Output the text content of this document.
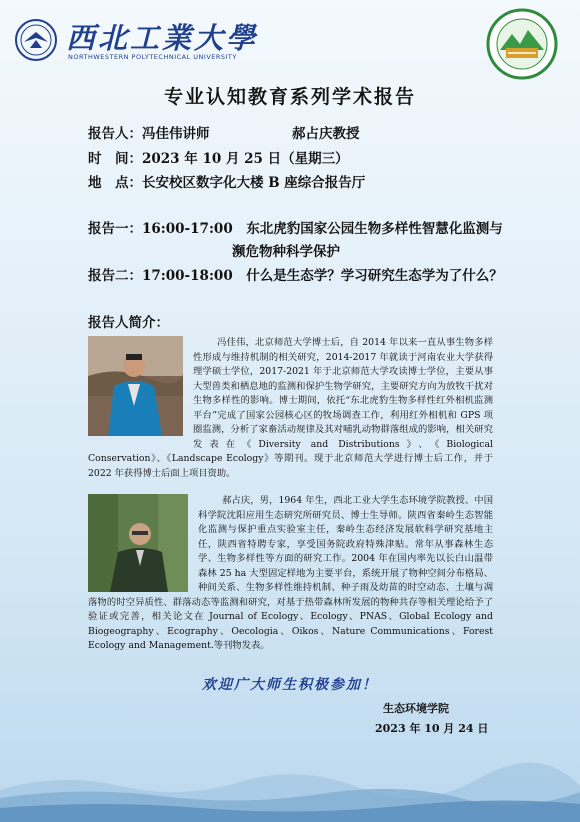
西北工業大學
NORTHWESTERN POLYTECHNICAL UNIVERSITY
专业认知教育系列学术报告
报告人：冯佳伟讲师	郝占庆教授
时　间：2023 年 10 月 25 日（星期三）
地　点：长安校区数字化大楼 B 座综合报告厅
报告一：16:00-17:00　东北虎豹国家公园生物多样性智慧化监测与
濒危物种科学保护
报告二：17:00-18:00　什么是生态学？学习研究生态学为了什么？
报告人简介：
冯佳伟，北京师范大学博士后，自 2014 年以来一直从事生物多样性形成与维持机制的相关研究，2014-2017 年就读于河南农业大学获得理学硕士学位，2017-2021 年于北京师范大学攻读博士学位，主要从事大型兽类和栖息地的监测和保护生物学研究，主要研究方向为放牧干扰对生物多样性的影响。博士期间，依托“东北虎豹生物多样性红外相机监测平台”完成了国家公园核心区的牧场调查工作，利用红外相机和 GPS 项圈监测，分析了家畜活动规律及其对哺乳动物群落组成的影响，相关研究发表在《Diversity and Distributions》、《Biological Conservation》、《Landscape Ecology》等期刊。现于北京师范大学进行博士后工作，并于 2022 年获得博士后面上项目资助。
郝占庆，男，1964 年生，西北工业大学生态环境学院教授、中国科学院沈阳应用生态研究所研究员、博士生导师。陕西省秦岭生态智能化监测与保护重点实验室主任，秦岭生态经济发展软科学研究基地主任，陕西省特聘专家，享受国务院政府特殊津贴。常年从事森林生态学、生物多样性等方面的研究工作。2004 年在国内率先以长白山温带森林 25 ha 大型固定样地为主要平台，系统开展了物种空间分布格局、种间关系、生物多样性维持机制、种子雨及幼苗的时空动态、土壤与凋落物的时空异质性、群落动态等监测和研究，对基于热带森林所发展的物种共存等相关理论给予了验证或完善，相关论文在 Journal of Ecology、Ecology、PNAS、Global Ecology and Biogeography、Ecography、Oecologia、Oikos、Nature Communications、Forest Ecology and Management.等刊物发表。
欢迎广大师生积极参加！
生态环境学院
2023 年 10 月 24 日
